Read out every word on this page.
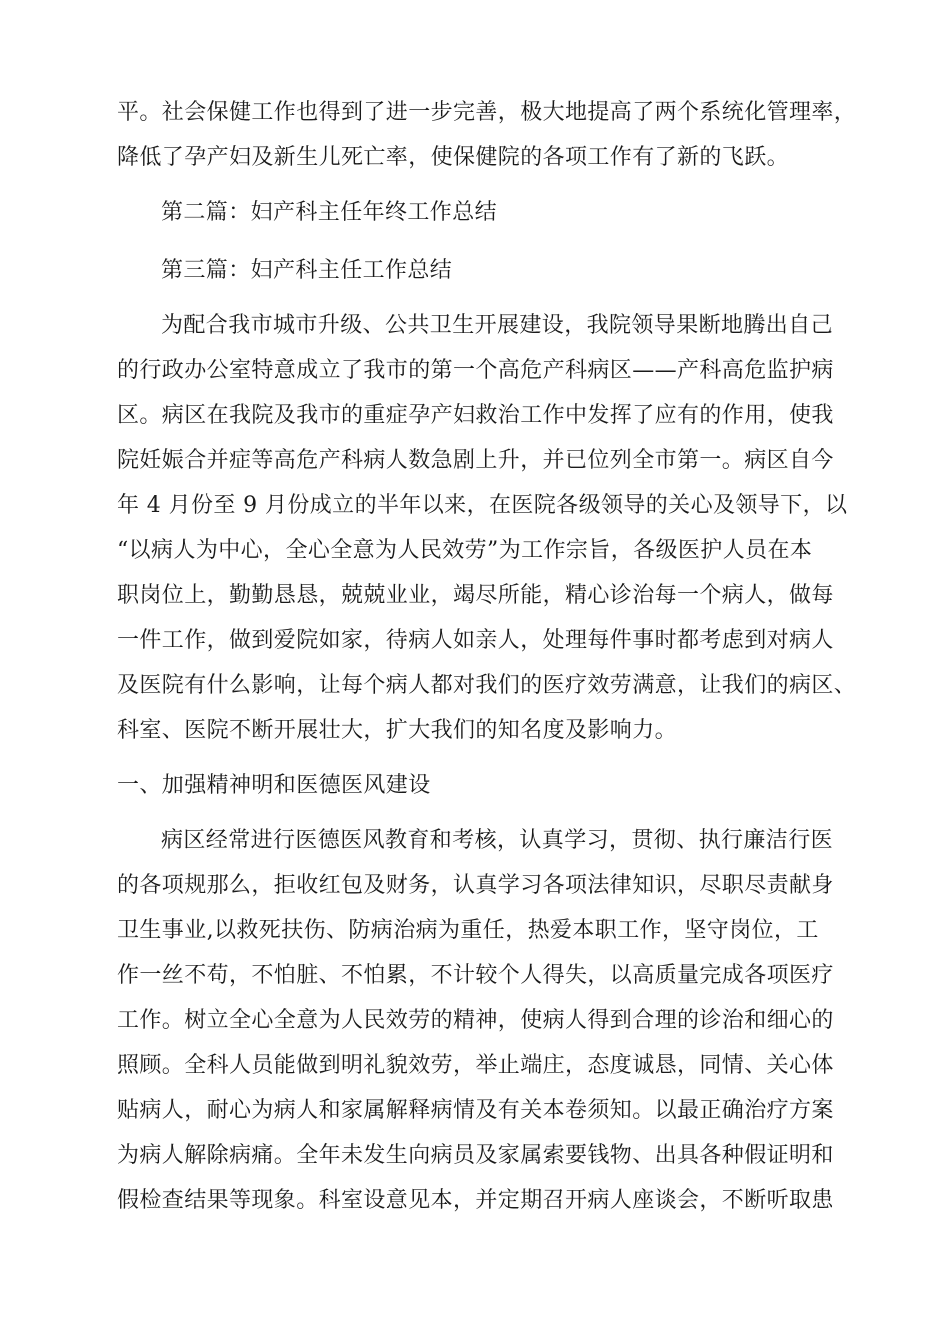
平。社会保健工作也得到了进一步完善，极大地提高了两个系统化管理率，
降低了孕产妇及新生儿死亡率，使保健院的各项工作有了新的飞跃。
第二篇：妇产科主任年终工作总结
第三篇：妇产科主任工作总结
为配合我市城市升级、公共卫生开展建设，我院领导果断地腾出自己
的行政办公室特意成立了我市的第一个高危产科病区——产科高危监护病
区。病区在我院及我市的重症孕产妇救治工作中发挥了应有的作用，使我
院妊娠合并症等高危产科病人数急剧上升，并已位列全市第一。病区自今
年 4 月份至 9 月份成立的半年以来，在医院各级领导的关心及领导下，以
“以病人为中心，全心全意为人民效劳”为工作宗旨，各级医护人员在本
职岗位上，勤勤恳恳，兢兢业业，竭尽所能，精心诊治每一个病人，做每
一件工作，做到爱院如家，待病人如亲人，处理每件事时都考虑到对病人
及医院有什么影响，让每个病人都对我们的医疗效劳满意，让我们的病区、
科室、医院不断开展壮大，扩大我们的知名度及影响力。
一、加强精神明和医德医风建设
病区经常进行医德医风教育和考核，认真学习，贯彻、执行廉洁行医
的各项规那么，拒收红包及财务，认真学习各项法律知识，尽职尽责献身
卫生事业,以救死扶伤、防病治病为重任，热爱本职工作，坚守岗位，工
作一丝不苟，不怕脏、不怕累，不计较个人得失，以高质量完成各项医疗
工作。树立全心全意为人民效劳的精神，使病人得到合理的诊治和细心的
照顾。全科人员能做到明礼貌效劳，举止端庄，态度诚恳，同情、关心体
贴病人，耐心为病人和家属解释病情及有关本卷须知。以最正确治疗方案
为病人解除病痛。全年未发生向病员及家属索要钱物、出具各种假证明和
假检查结果等现象。科室设意见本，并定期召开病人座谈会，不断听取患
